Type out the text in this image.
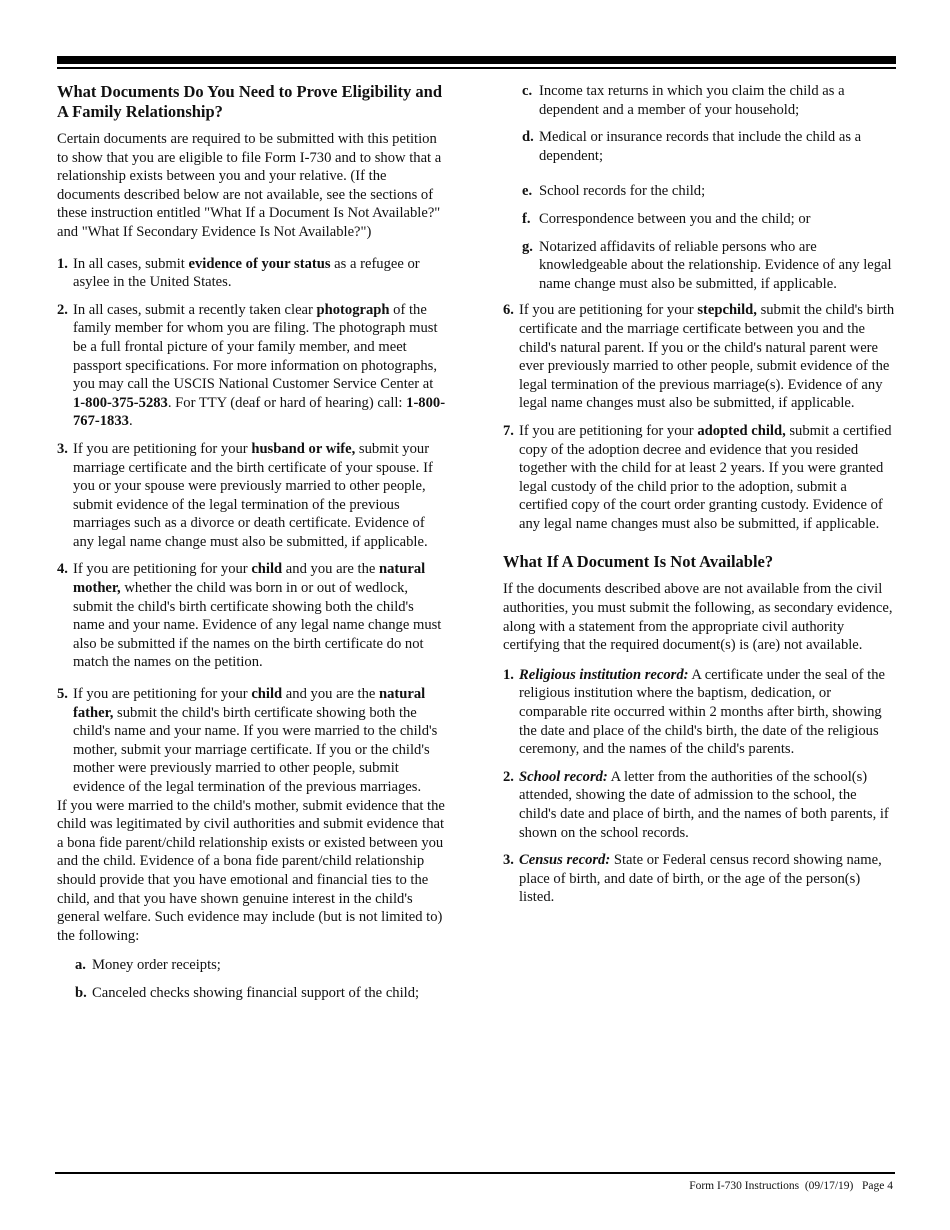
What Documents Do You Need to Prove Eligibility and A Family Relationship?

Certain documents are required to be submitted with this petition to show that you are eligible to file Form I-730 and to show that a relationship exists between you and your relative. (If the documents described below are not available, see the sections of these instruction entitled "What If a Document Is Not Available?" and "What If Secondary Evidence Is Not Available?")

1. In all cases, submit evidence of your status as a refugee or asylee in the United States.
2. In all cases, submit a recently taken clear photograph of the family member for whom you are filing. The photograph must be a full frontal picture of your family member, and meet passport specifications. For more information on photographs, you may call the USCIS National Customer Service Center at 1-800-375-5283. For TTY (deaf or hard of hearing) call: 1-800-767-1833.
3. If you are petitioning for your husband or wife, submit your marriage certificate and the birth certificate of your spouse. If you or your spouse were previously married to other people, submit evidence of the legal termination of the previous marriages such as a divorce or death certificate. Evidence of any legal name change must also be submitted, if applicable.
4. If you are petitioning for your child and you are the natural mother, whether the child was born in or out of wedlock, submit the child's birth certificate showing both the child's name and your name. Evidence of any legal name change must also be submitted if the names on the birth certificate do not match the names on the petition.
5. If you are petitioning for your child and you are the natural father, submit the child's birth certificate showing both the child's name and your name. If you were married to the child's mother, submit your marriage certificate. If you or the child's mother were previously married to other people, submit evidence of the legal termination of the previous marriages.

If you were married to the child's mother, submit evidence that the child was legitimated by civil authorities and submit evidence that a bona fide parent/child relationship exists or existed between you and the child. Evidence of a bona fide parent/child relationship should provide that you have emotional and financial ties to the child, and that you have shown genuine interest in the child's general welfare. Such evidence may include (but is not limited to) the following:

a. Money order receipts;
b. Canceled checks showing financial support of the child;
c. Income tax returns in which you claim the child as a dependent and a member of your household;
d. Medical or insurance records that include the child as a dependent;
e. School records for the child;
f. Correspondence between you and the child; or
g. Notarized affidavits of reliable persons who are knowledgeable about the relationship. Evidence of any legal name change must also be submitted, if applicable.
6. If you are petitioning for your stepchild, submit the child's birth certificate and the marriage certificate between you and the child's natural parent. If you or the child's natural parent were ever previously married to other people, submit evidence of the legal termination of the previous marriage(s). Evidence of any legal name changes must also be submitted, if applicable.
7. If you are petitioning for your adopted child, submit a certified copy of the adoption decree and evidence that you resided together with the child for at least 2 years. If you were granted legal custody of the child prior to the adoption, submit a certified copy of the court order granting custody. Evidence of any legal name changes must also be submitted, if applicable.
What If A Document Is Not Available?

If the documents described above are not available from the civil authorities, you must submit the following, as secondary evidence, along with a statement from the appropriate civil authority certifying that the required document(s) is (are) not available.

1. Religious institution record: A certificate under the seal of the religious institution where the baptism, dedication, or comparable rite occurred within 2 months after birth, showing the date and place of the child's birth, the date of the religious ceremony, and the names of the child's parents.
2. School record: A letter from the authorities of the school(s) attended, showing the date of admission to the school, the child's date and place of birth, and the names of both parents, if shown on the school records.
3. Census record: State or Federal census record showing name, place of birth, and date of birth, or the age of the person(s) listed.
Form I-730 Instructions  (09/17/19)   Page 4
